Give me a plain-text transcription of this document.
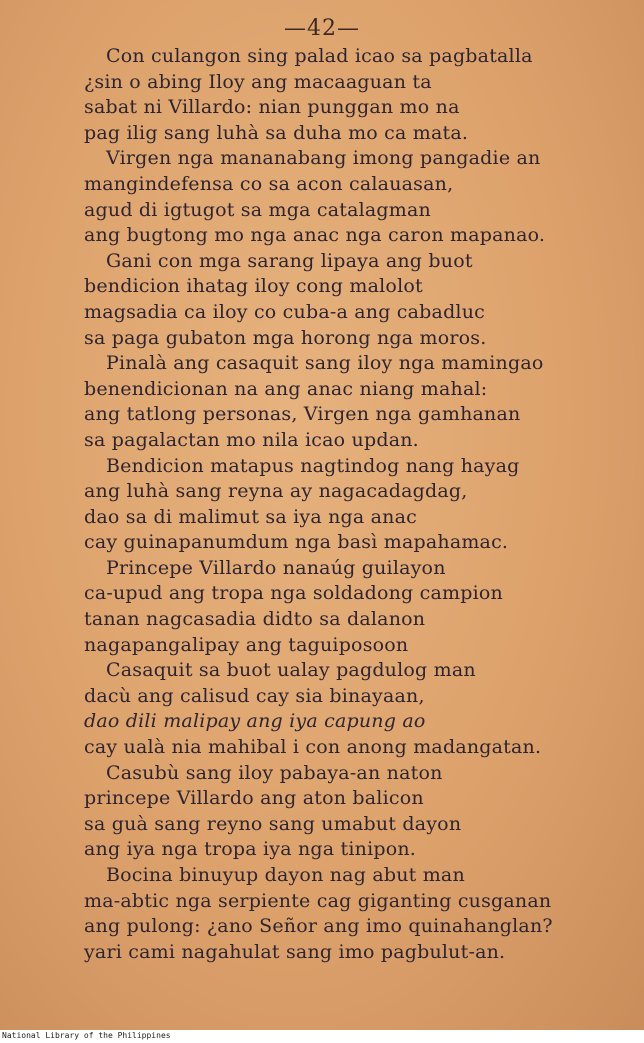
—42—
Con culangon sing palad icao sa pagbatalla
¿sin o abing Iloy ang macaaguan ta
sabat ni Villardo: nian punggan mo na
pag ilig sang luhà sa duha mo ca mata.
Virgen nga mananabang imong pangadie an
mangindefensa co sa acon calauasan,
agud di igtugot sa mga catalagman
ang bugtong mo nga anac nga caron mapanao.
Gani con mga sarang lipaya ang buot
bendicion ihatag iloy cong malolot
magsadia ca iloy co cuba-a ang cabadluc
sa paga gubaton mga horong nga moros.
Pinalà ang casaquit sang iloy nga mamingao
benendicionan na ang anac niang mahal:
ang tatlong personas, Virgen nga gamhanan
sa pagalactan mo nila icao updan.
Bendicion matapus nagtindog nang hayag
ang luhà sang reyna ay nagacadagdag,
dao sa di malimut sa iya nga anac
cay guinapanumdum nga basì mapahamac.
Princepe Villardo nanaúg guilayon
ca-upud ang tropa nga soldadong campion
tanan nagcasadia didto sa dalanon
nagapangalipay ang taguiposoon
Casaquit sa buot ualay pagdulog man
dacù ang calisud cay sia binayaan,
dao dili malipay ang iya capung ao
cay ualà nia mahibal i con anong madangatan.
Casubù sang iloy pabaya-an naton
princepe Villardo ang aton balicon
sa guà sang reyno sang umabut dayon
ang iya nga tropa iya nga tinipon.
Bocina binuyup dayon nag abut man
ma-abtic nga serpiente cag giganting cusganan
ang pulong: ¿ano Señor ang imo quinahanglan?
yari cami nagahulat sang imo pagbulut-an.
National Library of the Philippines
